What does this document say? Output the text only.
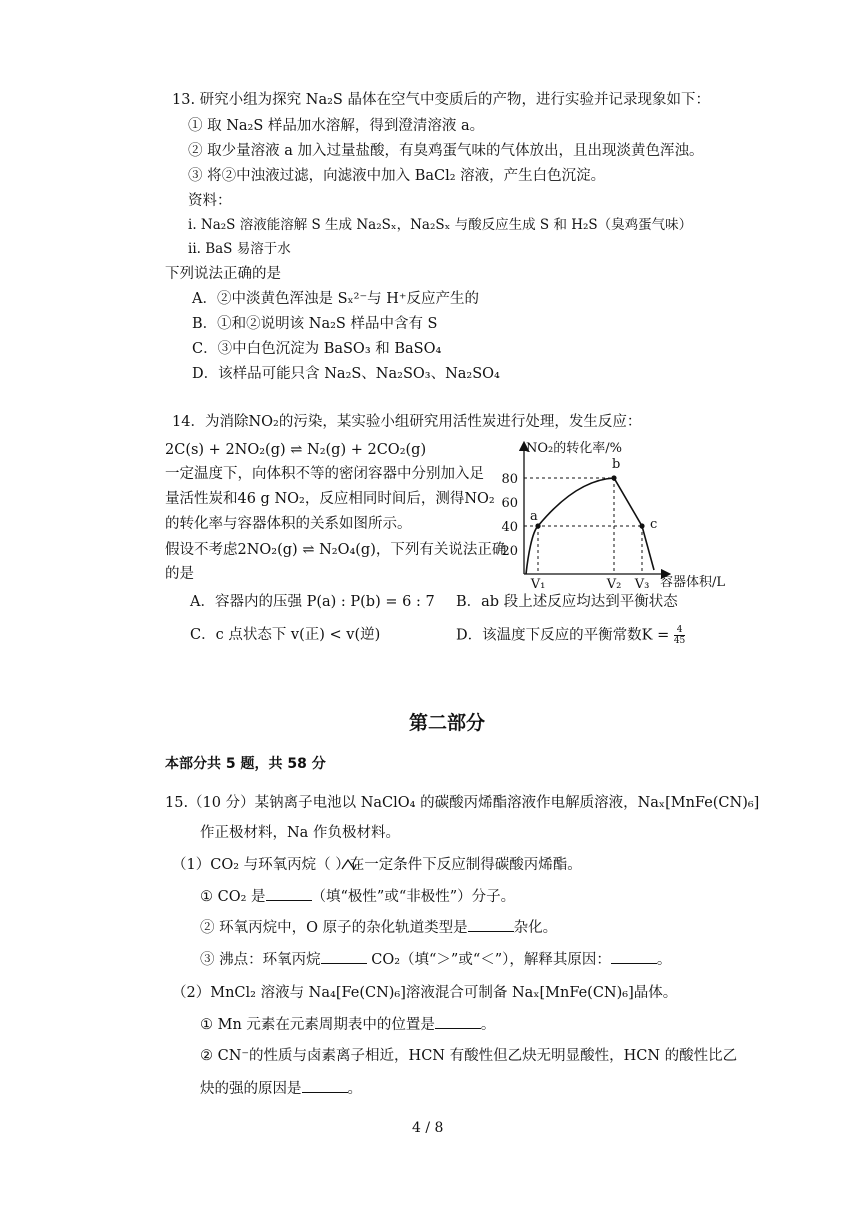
13. 研究小组为探究 Na₂S 晶体在空气中变质后的产物，进行实验并记录现象如下：
① 取 Na₂S 样品加水溶解，得到澄清溶液 a。
② 取少量溶液 a 加入过量盐酸，有臭鸡蛋气味的气体放出，且出现淡黄色浑浊。
③ 将②中浊液过滤，向滤液中加入 BaCl₂ 溶液，产生白色沉淀。
资料：
i. Na₂S 溶液能溶解 S 生成 Na₂Sₓ，Na₂Sₓ 与酸反应生成 S 和 H₂S（臭鸡蛋气味）
ii. BaS 易溶于水
下列说法正确的是
A．②中淡黄色浑浊是 Sₓ²⁻与 H⁺反应产生的
B．①和②说明该 Na₂S 样品中含有 S
C．③中白色沉淀为 BaSO₃ 和 BaSO₄
D．该样品可能只含 Na₂S、Na₂SO₃、Na₂SO₄
14．为消除NO₂的污染，某实验小组研究用活性炭进行处理，发生反应：
2C(s) + 2NO₂(g) ⇌ N₂(g) + 2CO₂(g)
一定温度下，向体积不等的密闭容器中分别加入足
量活性炭和46 g NO₂，反应相同时间后，测得NO₂
的转化率与容器体积的关系如图所示。
假设不考虑2NO₂(g) ⇌ N₂O₄(g)，下列有关说法正确
的是
NO₂的转化率/%
容器体积/L
20
40
60
80
V₁	V₂ V₃
a
b
c
A．容器内的压强 P(a) : P(b) = 6 : 7 B．ab 段上述反应均达到平衡状态
C．c 点状态下 v(正) < v(逆)	D．该温度下反应的平衡常数$K = \frac{4}{45}$
第二部分
本部分共 5 题，共 58 分
15.（10 分）某钠离子电池以 NaClO₄ 的碳酸丙烯酯溶液作电解质溶液，Naₓ[MnFe(CN)₆]
作正极材料，Na 作负极材料。
（1）CO₂ 与环氧丙烷（ ）在一定条件下反应制得碳酸丙烯酯。
① CO₂ 是	（填“极性”或“非极性”）分子。
② 环氧丙烷中，O 原子的杂化轨道类型是	杂化。
③ 沸点：环氧丙烷	CO₂（填“＞”或“＜”），解释其原因：	。
（2）MnCl₂ 溶液与 Na₄[Fe(CN)₆]溶液混合可制备 Naₓ[MnFe(CN)₆]晶体。
① Mn 元素在元素周期表中的位置是	。
② CN⁻的性质与卤素离子相近，HCN 有酸性但乙炔无明显酸性，HCN 的酸性比乙
炔的强的原因是	。
4 / 8
